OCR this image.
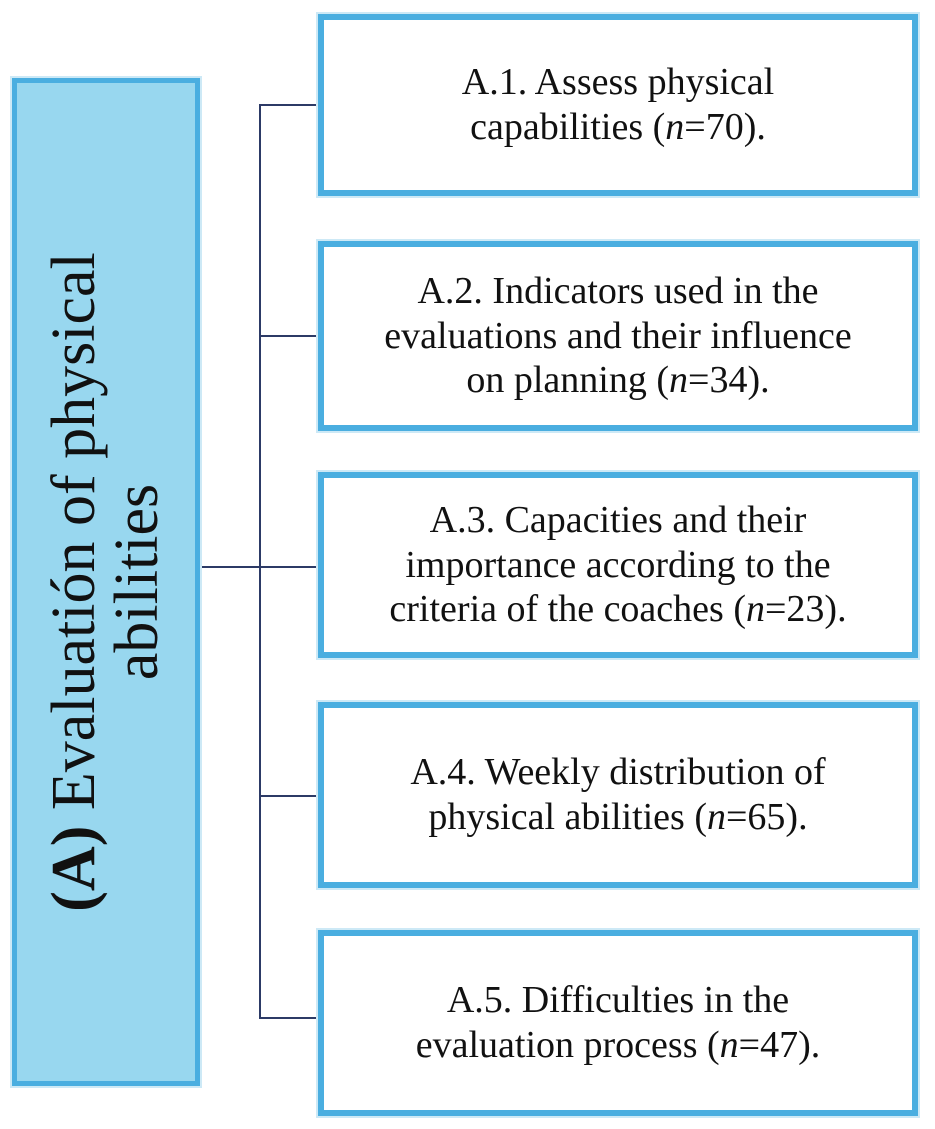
(A) Evaluatión of physical
abilities
A.1. Assess physical
capabilities (n=70).
A.2. Indicators used in the
evaluations and their influence
on planning (n=34).
A.3. Capacities and their
importance according to the
criteria of the coaches (n=23).
A.4. Weekly distribution of
physical abilities (n=65).
A.5. Difficulties in the
evaluation process (n=47).
